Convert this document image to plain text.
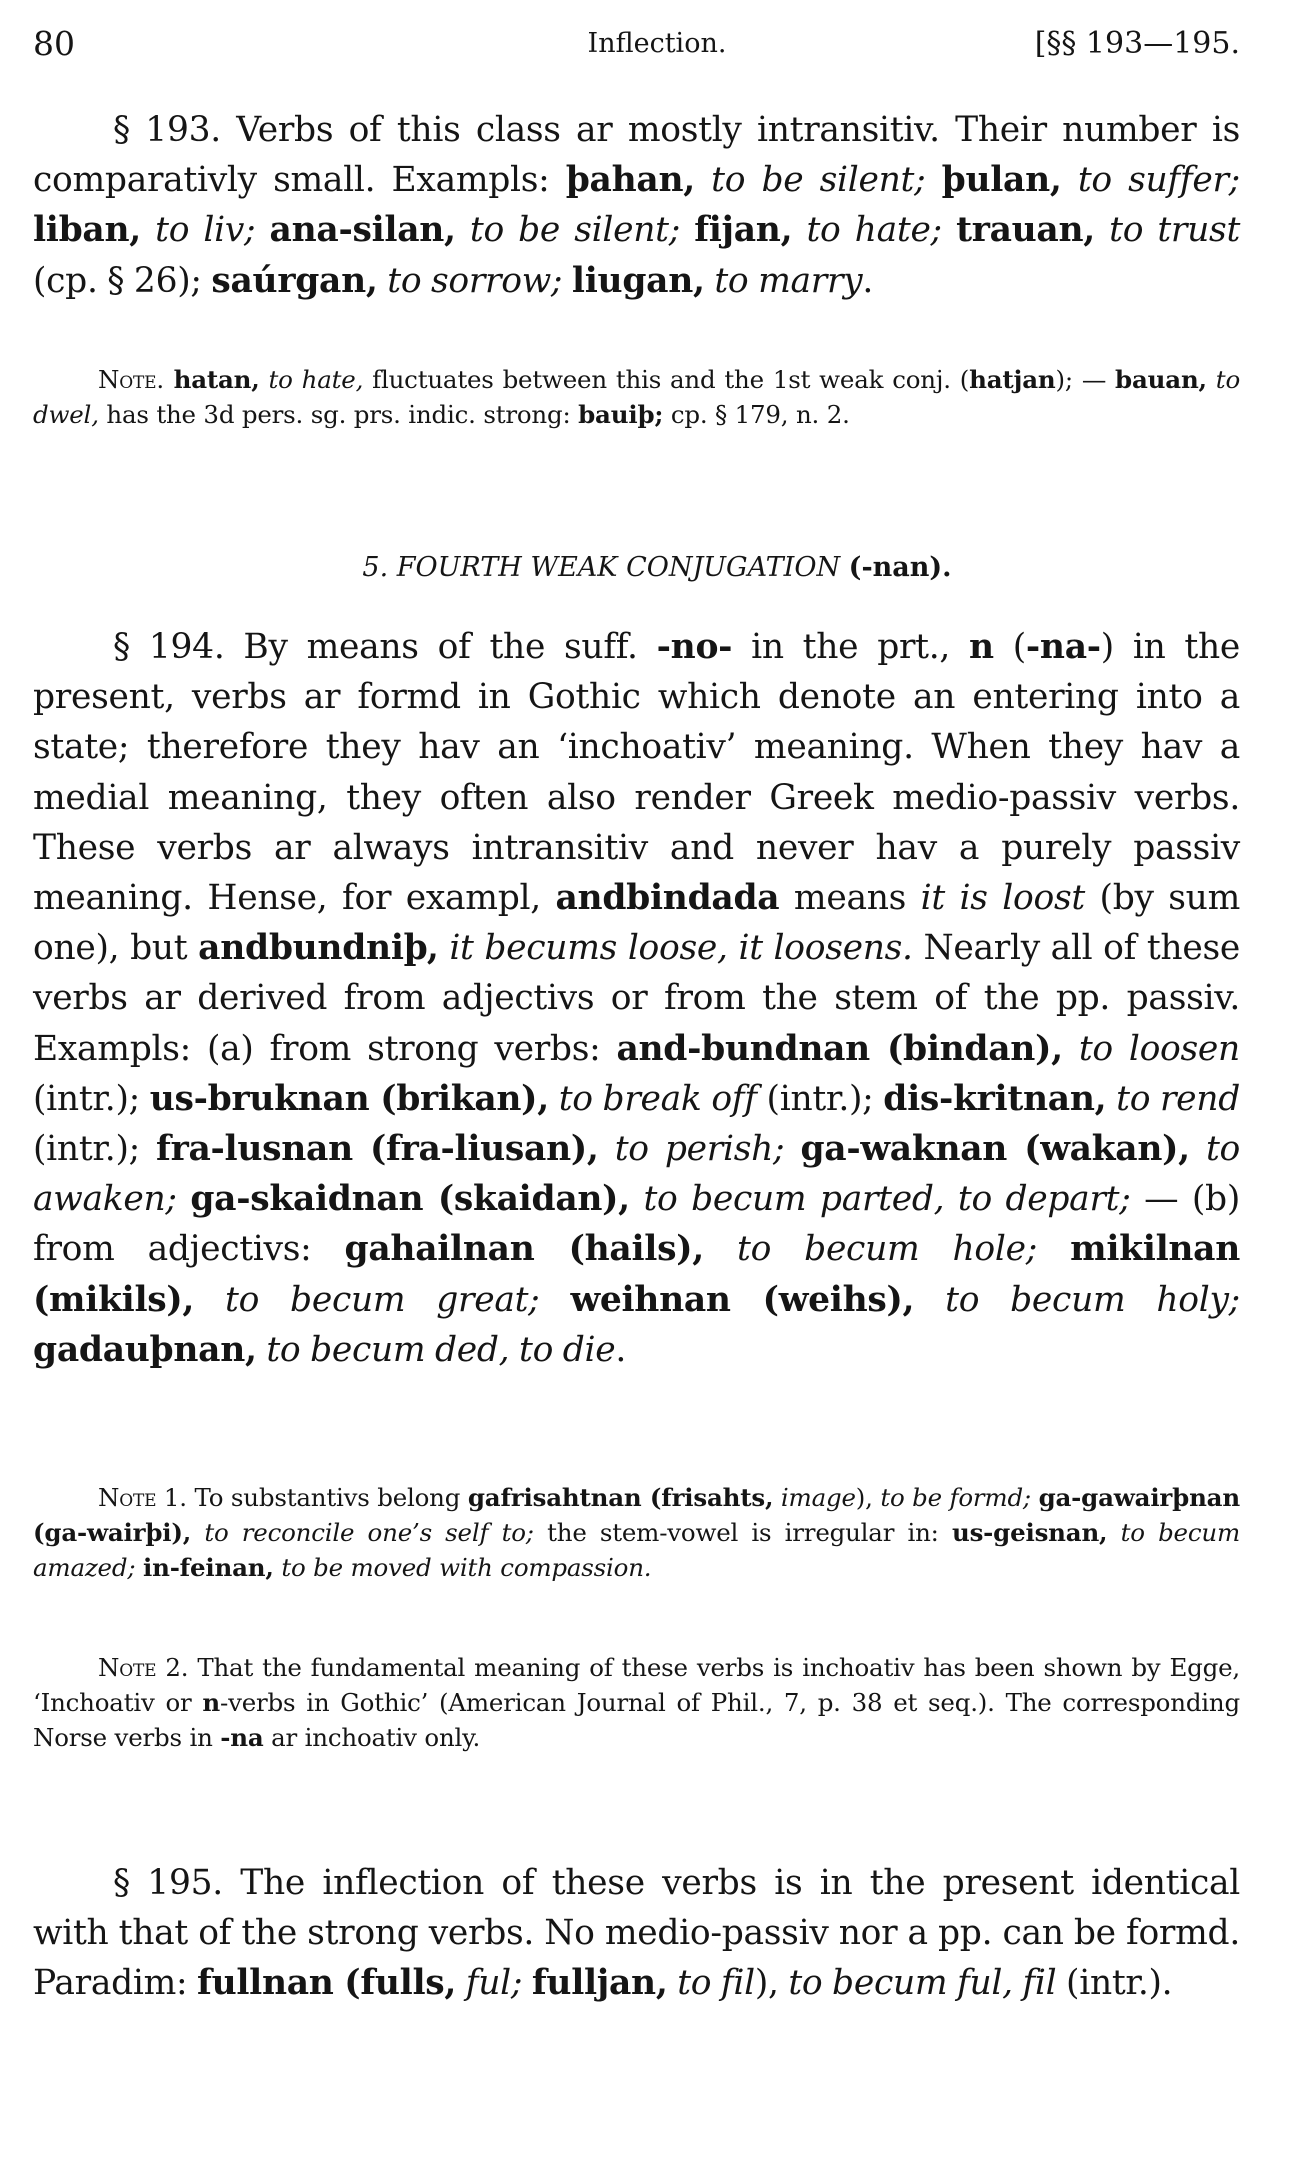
80	Inflection.	[§§ 193—195.

§ 193. Verbs of this class ar mostly intransitiv. Their number is comparativly small. Exampls: þahan, to be silent; þulan, to suffer; liban, to liv; ana-silan, to be silent; fijan, to hate; trauan, to trust (cp. § 26); saúrgan, to sorrow; liugan, to marry.

Note. hatan, to hate, fluctuates between this and the 1st weak conj. (hatjan); — bauan, to dwel, has the 3d pers. sg. prs. indic. strong: bauiþ; cp. § 179, n. 2.

5. FOURTH WEAK CONJUGATION (-nan).

§ 194. By means of the suff. -no- in the prt., n (-na-) in the present, verbs ar formd in Gothic which denote an entering into a state; therefore they hav an ‘inchoativ’ meaning. When they hav a medial meaning, they often also render Greek medio-passiv verbs. These verbs ar always intransitiv and never hav a purely passiv meaning. Hense, for exampl, andbindada means it is loost (by sum one), but andbundniþ, it becums loose, it loosens. Nearly all of these verbs ar derived from adjectivs or from the stem of the pp. passiv. Exampls: (a) from strong verbs: and-bundnan (bindan), to loosen (intr.); us-bruknan (brikan), to break off (intr.); dis-kritnan, to rend (intr.); fra-lusnan (fra-liusan), to perish; ga-waknan (wakan), to awaken; ga-skaidnan (skaidan), to becum parted, to depart; — (b) from adjectivs: gahailnan (hails), to becum hole; mikilnan (mikils), to becum great; weihnan (weihs), to becum holy; gadauþnan, to becum ded, to die.

Note 1. To substantivs belong gafrisahtnan (frisahts, image), to be formd; ga-gawairþnan (ga-wairþi), to reconcile one’s self to; the stem-vowel is irregular in: us-geisnan, to becum amazed; in-feinan, to be moved with compassion.

Note 2. That the fundamental meaning of these verbs is inchoativ has been shown by Egge, ‘Inchoativ or n-verbs in Gothic’ (American Journal of Phil., 7, p. 38 et seq.). The corresponding Norse verbs in -na ar inchoativ only.

§ 195. The inflection of these verbs is in the present identical with that of the strong verbs. No medio-passiv nor a pp. can be formd. Paradim: fullnan (fulls, ful; fulljan, to fil), to becum ful, fil (intr.).
